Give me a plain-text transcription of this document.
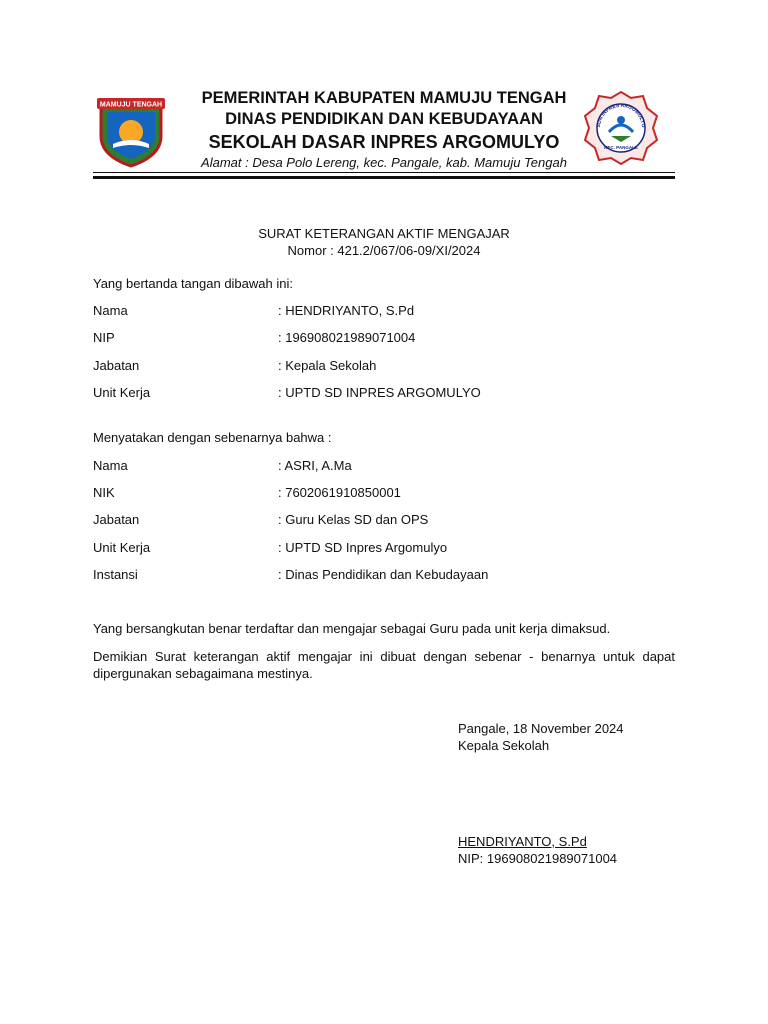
MAMUJU TENGAH	PEMERINTAH KABUPATEN MAMUJU TENGAH
DINAS PENDIDIKAN DAN KEBUDAYAAN
SEKOLAH DASAR INPRES ARGOMULYO
Alamat : Desa Polo Lereng, kec. Pangale, kab. Mamuju Tengah
SDN INPRES ARGOMULYO
KEC. PANGALE
SURAT KETERANGAN AKTIF MENGAJAR
Nomor : 421.2/067/06-09/XI/2024
Yang bertanda tangan dibawah ini:
Nama	: HENDRIYANTO, S.Pd
NIP	: 196908021989071004
Jabatan	: Kepala Sekolah
Unit Kerja	: UPTD SD INPRES ARGOMULYO
Menyatakan dengan sebenarnya bahwa :
Nama	: ASRI, A.Ma
NIK	: 7602061910850001
Jabatan	: Guru Kelas SD dan OPS
Unit Kerja	: UPTD SD Inpres Argomulyo
Instansi	: Dinas Pendidikan dan Kebudayaan
Yang bersangkutan benar terdaftar dan mengajar sebagai Guru pada unit kerja dimaksud.
Demikian Surat keterangan aktif mengajar ini dibuat dengan sebenar - benarnya untuk dapat dipergunakan sebagaimana mestinya.
Pangale, 18 November 2024
Kepala Sekolah
HENDRIYANTO, S.Pd
NIP: 196908021989071004
